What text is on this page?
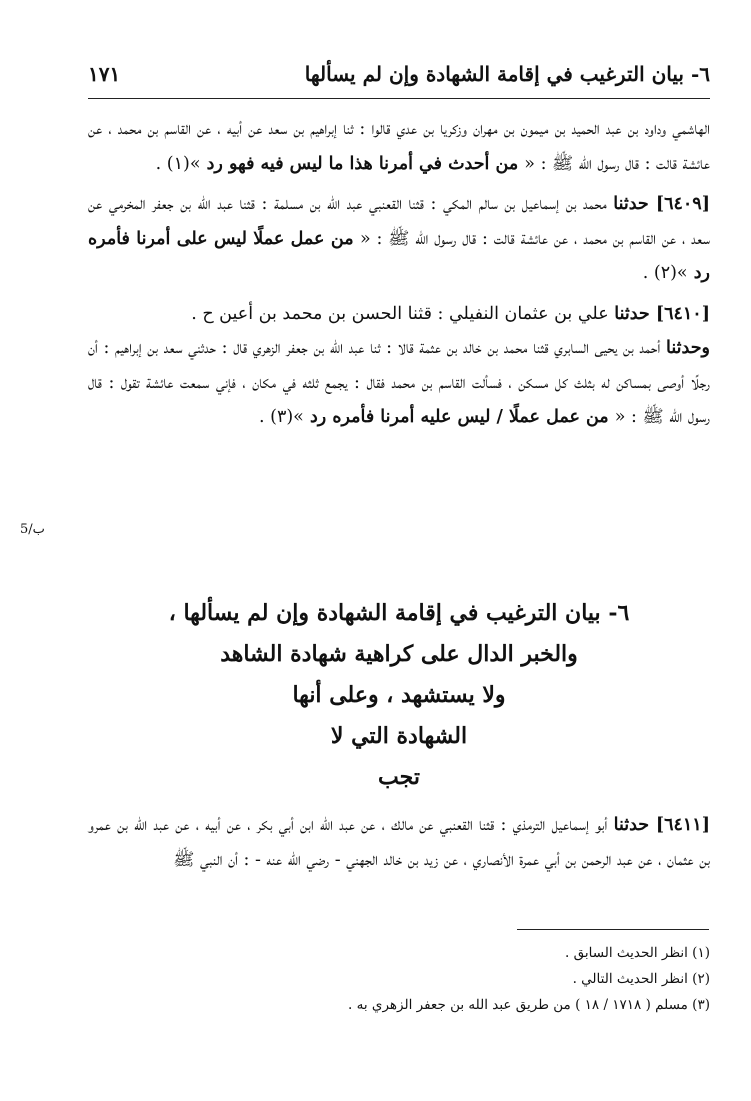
٦- بيان الترغيب في إقامة الشهادة وإن لم يسألها
١٧١
5/ب

الهاشمي وداود بن عبد الحميد بن ميمون بن مهران وزكريا بن عدي قالوا : ثنا إبراهيم بن سعد عن أبيه ، عن القاسم بن محمد ، عن عائشة قالت : قال رسول الله ﷺ : « من أحدث في أمرنا هذا ما ليس فيه فهو رد »(١) .

[٦٤٠٩] حدثنا محمد بن إسماعيل بن سالم المكي : قثنا القعنبي عبد الله بن مسلمة : قثنا عبد الله بن جعفر المخرمي عن سعد ، عن القاسم بن محمد ، عن عائشة قالت : قال رسول الله ﷺ : « من عمل عملًا ليس على أمرنا فأمره رد »(٢) .

[٦٤١٠] حدثنا علي بن عثمان النفيلي : قثنا الحسن بن محمد بن أعين ح .

وحدثنا أحمد بن يحيى السابري قثنا محمد بن خالد بن عثمة قالا : ثنا عبد الله بن جعفر الزهري قال : حدثني سعد بن إبراهيم : أن رجلًا أوصى بمساكن له بثلث كل مسكن ، فسألت القاسم بن محمد فقال : يجمع ثلثه في مكان ، فإني سمعت عائشة تقول : قال رسول الله ﷺ : « من عمل عملًا / ليس عليه أمرنا فأمره رد »(٣) .

٦- بيان الترغيب في إقامة الشهادة وإن لم يسألها ،
والخبر الدال على كراهية شهادة الشاهد
ولا يستشهد ، وعلى أنها
الشهادة التي لا
تجب

[٦٤١١] حدثنا أبو إسماعيل الترمذي : قثنا القعنبي عن مالك ، عن عبد الله ابن أبي بكر ، عن أبيه ، عن عبد الله بن عمرو بن عثمان ، عن عبد الرحمن بن أبي عمرة الأنصاري ، عن زيد بن خالد الجهني - رضي الله عنه - : أن النبي ﷺ

(١) انظر الحديث السابق .
(٢) انظر الحديث التالي .
(٣) مسلم ( ١٧١٨ / ١٨ ) من طريق عبد الله بن جعفر الزهري به .
